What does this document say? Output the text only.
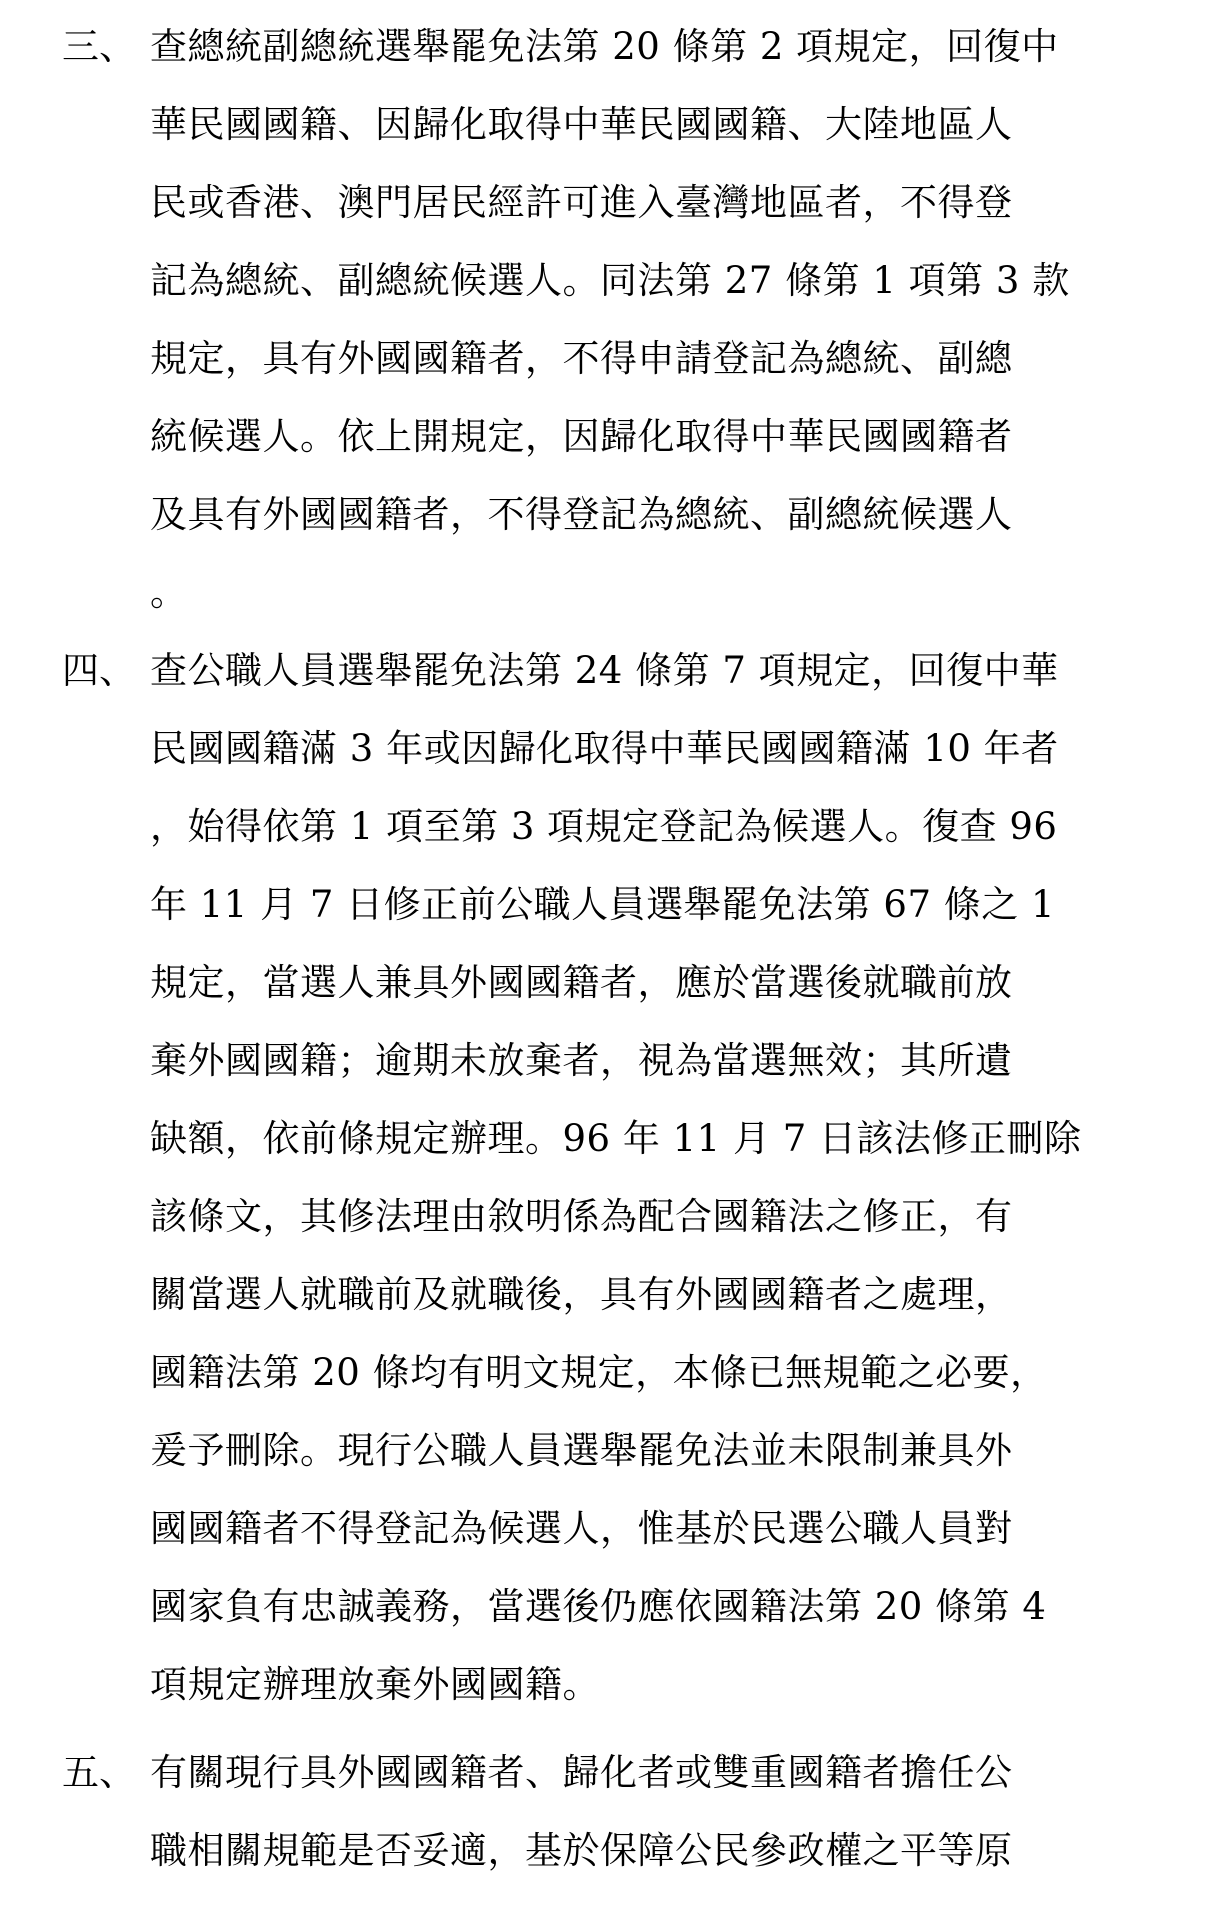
三、 查總統副總統選舉罷免法第 20 條第 2 項規定，回復中
華民國國籍、因歸化取得中華民國國籍、大陸地區人
民或香港、澳門居民經許可進入臺灣地區者，不得登
記為總統、副總統候選人。同法第 27 條第 1 項第 3 款
規定，具有外國國籍者，不得申請登記為總統、副總
統候選人。依上開規定，因歸化取得中華民國國籍者
及具有外國國籍者，不得登記為總統、副總統候選人
。
四、 查公職人員選舉罷免法第 24 條第 7 項規定，回復中華
民國國籍滿 3 年或因歸化取得中華民國國籍滿 10 年者
，始得依第 1 項至第 3 項規定登記為候選人。復查 96
年 11 月 7 日修正前公職人員選舉罷免法第 67 條之 1
規定，當選人兼具外國國籍者，應於當選後就職前放
棄外國國籍；逾期未放棄者，視為當選無效；其所遺
缺額，依前條規定辦理。96 年 11 月 7 日該法修正刪除
該條文，其修法理由敘明係為配合國籍法之修正，有
關當選人就職前及就職後，具有外國國籍者之處理，
國籍法第 20 條均有明文規定，本條已無規範之必要，
爰予刪除。現行公職人員選舉罷免法並未限制兼具外
國國籍者不得登記為候選人，惟基於民選公職人員對
國家負有忠誠義務，當選後仍應依國籍法第 20 條第 4
項規定辦理放棄外國國籍。
五、 有關現行具外國國籍者、歸化者或雙重國籍者擔任公
職相關規範是否妥適，基於保障公民參政權之平等原
